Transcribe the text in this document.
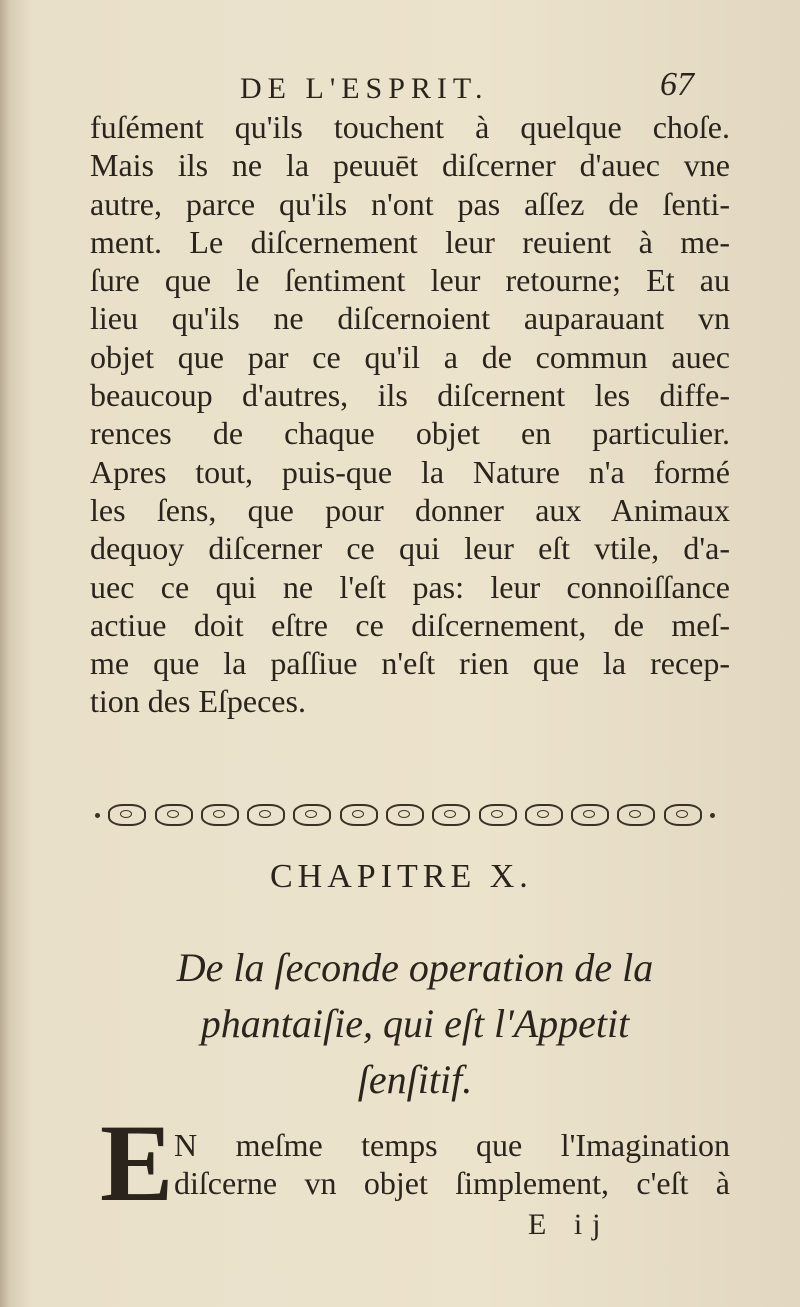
DE L'ESPRIT.	67
fuſément qu'ils touchent à quelque choſe.
Mais ils ne la peuuēt diſcerner d'auec vne
autre, parce qu'ils n'ont pas aſſez de ſenti-
ment. Le diſcernement leur reuient à me-
ſure que le ſentiment leur retourne; Et au
lieu qu'ils ne diſcernoient auparauant vn
objet que par ce qu'il a de commun auec
beaucoup d'autres, ils diſcernent les diffe-
rences de chaque objet en particulier.
Apres tout, puis-que la Nature n'a formé
les ſens, que pour donner aux Animaux
dequoy diſcerner ce qui leur eſt vtile, d'a-
uec ce qui ne l'eſt pas: leur connoiſſance
actiue doit eſtre ce diſcernement, de meſ-
me que la paſſiue n'eſt rien que la recep-
tion des Eſpeces.
CHAPITRE X.
De la ſeconde operation de la
phantaiſie, qui eſt l'Appetit
ſenſitif.
E N meſme temps que l'Imagination
diſcerne vn objet ſimplement, c'eſt à
E ij
